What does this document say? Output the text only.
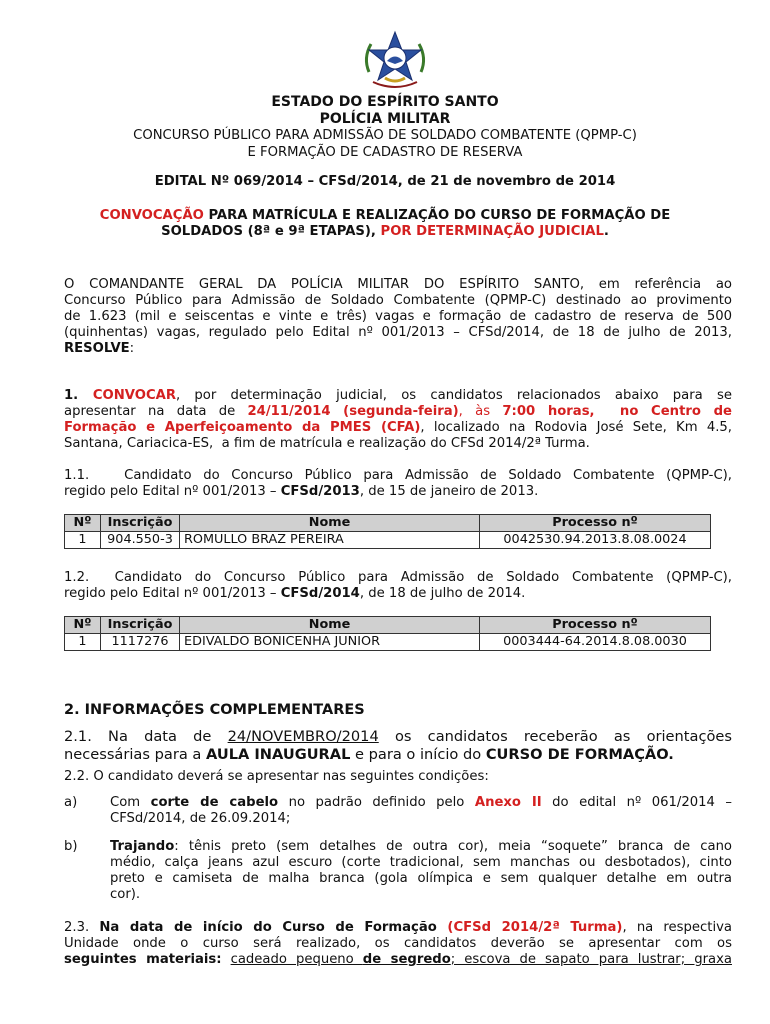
ESTADO DO ESPÍRITO SANTO
POLÍCIA MILITAR
CONCURSO PÚBLICO PARA ADMISSÃO DE SOLDADO COMBATENTE (QPMP-C)
E FORMAÇÃO DE CADASTRO DE RESERVA
EDITAL Nº 069/2014 – CFSd/2014, de 21 de novembro de 2014
CONVOCAÇÃO PARA MATRÍCULA E REALIZAÇÃO DO CURSO DE FORMAÇÃO DE
SOLDADOS (8ª e 9ª ETAPAS), POR DETERMINAÇÃO JUDICIAL.
O COMANDANTE GERAL DA POLÍCIA MILITAR DO ESPÍRITO SANTO, em referência ao
Concurso Público para Admissão de Soldado Combatente (QPMP-C) destinado ao provimento
de 1.623 (mil e seiscentas e vinte e três) vagas e formação de cadastro de reserva de 500
(quinhentas) vagas, regulado pelo Edital nº 001/2013 – CFSd/2014, de 18 de julho de 2013,
RESOLVE:
1. CONVOCAR, por determinação judicial, os candidatos relacionados abaixo para se
apresentar na data de 24/11/2014 (segunda-feira), às 7:00 horas,  no Centro de
Formação e Aperfeiçoamento da PMES (CFA), localizado na Rodovia José Sete, Km 4.5,
Santana, Cariacica-ES,  a fim de matrícula e realização do CFSd 2014/2ª Turma.
1.1.   Candidato do Concurso Público para Admissão de Soldado Combatente (QPMP-C),
regido pelo Edital nº 001/2013 – CFSd/2013, de 15 de janeiro de 2013.
Nº	Inscrição	Nome	Processo nº
1	904.550-3	ROMULLO BRAZ PEREIRA	0042530.94.2013.8.08.0024
1.2.  Candidato do Concurso Público para Admissão de Soldado Combatente (QPMP-C),
regido pelo Edital nº 001/2013 – CFSd/2014, de 18 de julho de 2014.
Nº	Inscrição	Nome	Processo nº
1	1117276	EDIVALDO BONICENHA JUNIOR	0003444-64.2014.8.08.0030
2. INFORMAÇÕES COMPLEMENTARES
2.1. Na data de 24/NOVEMBRO/2014 os candidatos receberão as orientações
necessárias para a AULA INAUGURAL e para o início do CURSO DE FORMAÇÃO.
2.2. O candidato deverá se apresentar nas seguintes condições:
a) Com corte de cabelo no padrão definido pelo Anexo II do edital nº 061/2014 –
CFSd/2014, de 26.09.2014;
b) Trajando: tênis preto (sem detalhes de outra cor), meia “soquete” branca de cano
médio, calça jeans azul escuro (corte tradicional, sem manchas ou desbotados), cinto
preto e camiseta de malha branca (gola olímpica e sem qualquer detalhe em outra
cor).
2.3. Na data de início do Curso de Formação (CFSd 2014/2ª Turma), na respectiva
Unidade onde o curso será realizado, os candidatos deverão se apresentar com os
seguintes materiais: cadeado pequeno de segredo; escova de sapato para lustrar; graxa
